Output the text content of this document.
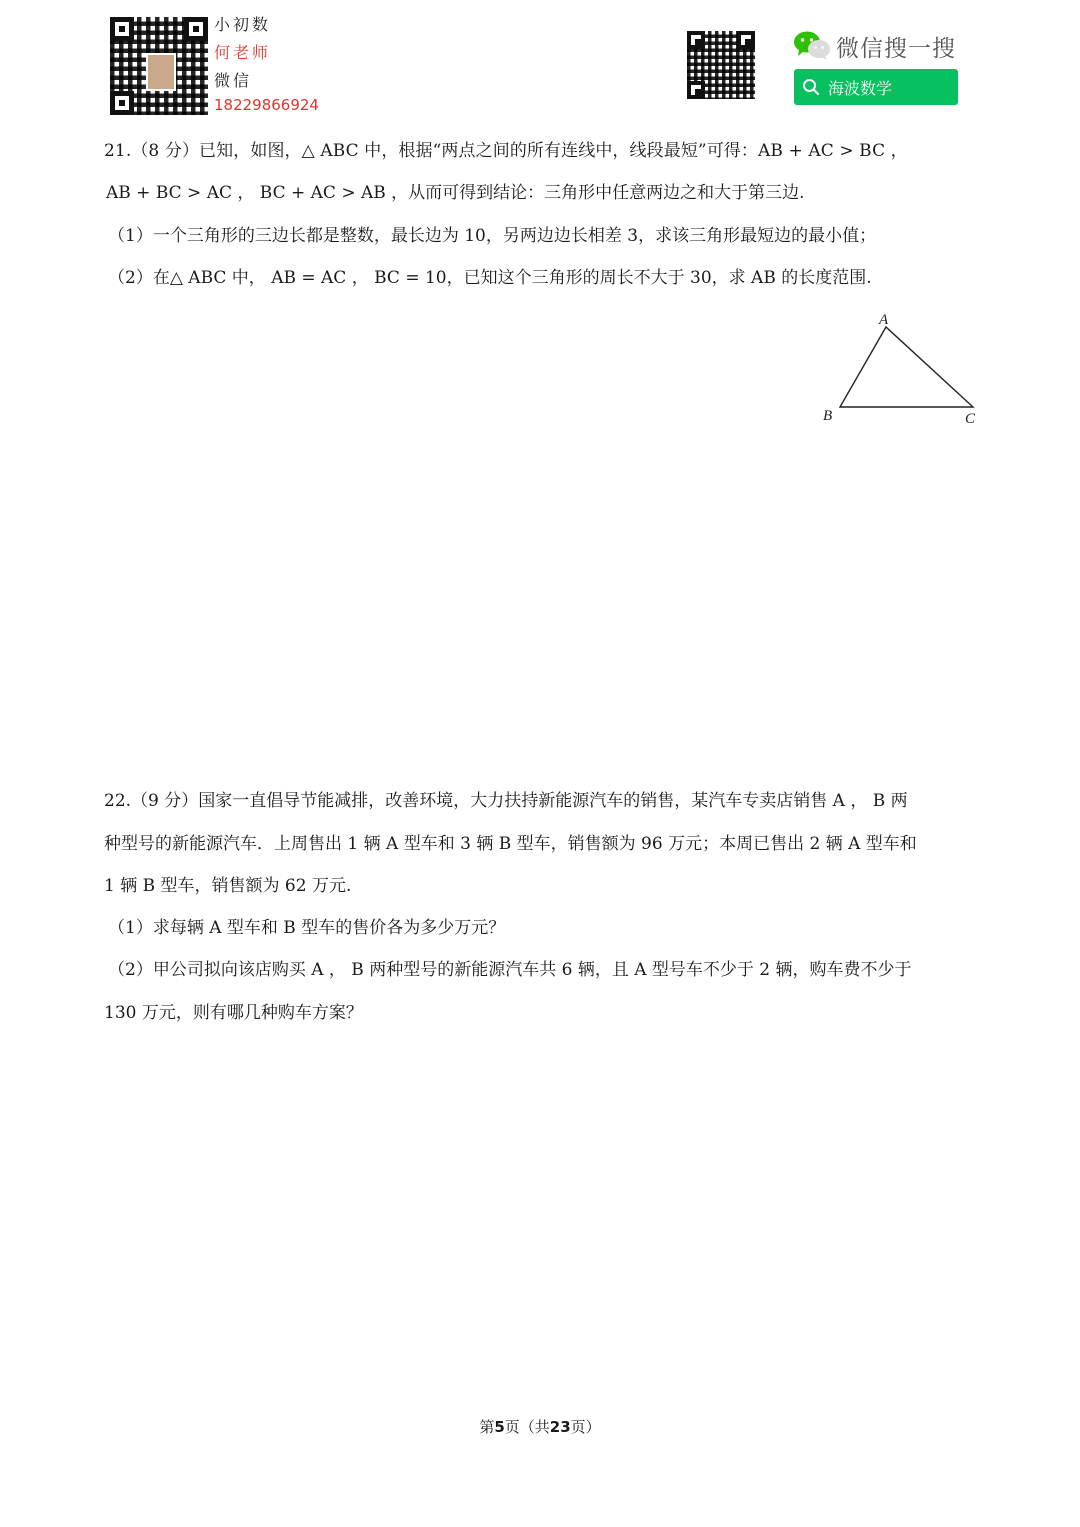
小初数
何老师
微信
18229866924
微信搜一搜
海波数学
21.（8 分）已知，如图，△ ABC 中，根据“两点之间的所有连线中，线段最短”可得：AB + AC > BC ，
AB + BC > AC ， BC + AC > AB ，从而可得到结论：三角形中任意两边之和大于第三边.
（1）一个三角形的三边长都是整数，最长边为 10，另两边边长相差 3，求该三角形最短边的最小值；
（2）在△ ABC 中， AB = AC ， BC = 10，已知这个三角形的周长不大于 30，求 AB 的长度范围.
A
B	C
22.（9 分）国家一直倡导节能减排，改善环境，大力扶持新能源汽车的销售，某汽车专卖店销售 A ， B 两
种型号的新能源汽车．上周售出 1 辆 A 型车和 3 辆 B 型车，销售额为 96 万元；本周已售出 2 辆 A 型车和
1 辆 B 型车，销售额为 62 万元.
（1）求每辆 A 型车和 B 型车的售价各为多少万元？
（2）甲公司拟向该店购买 A ， B 两种型号的新能源汽车共 6 辆，且 A 型号车不少于 2 辆，购车费不少于
130 万元，则有哪几种购车方案？
第5页（共23页）
